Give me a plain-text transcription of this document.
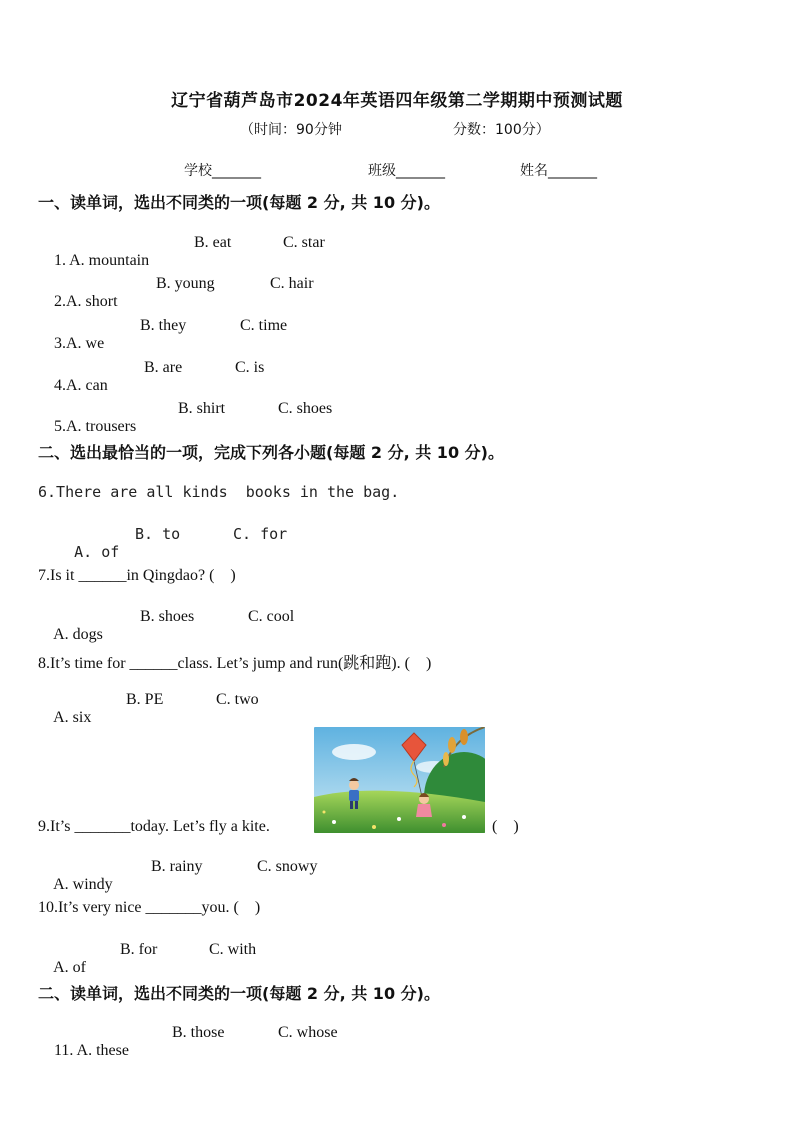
辽宁省葫芦岛市2024年英语四年级第二学期期中预测试题
（时间：90分钟	分数：100分）
学校_______	班级_______	姓名_______
一、读单词，选出不同类的一项(每题 2 分, 共 10 分)。

1. A. mountain

B. eat

	C. star

2.A. short

B. young

	C. hair

3.A. we

B. they

	C. time

4.A. can

B. are

	C. is

5.A. trousers

B. shirt

	C. shoes

二、选出最恰当的一项，完成下列各小题(每题 2 分, 共 10 分)。
6.There are all kinds  books in the bag.

A. of

B. to

	C. for

7.Is it ______in Qingdao? (    )

A. dogs

B. shoes

	C. cool

8.It’s time for ______class. Let’s jump and run(跳和跑). (    )

A. six

B. PE

	C. two

9.It’s _______today. Let’s fly a kite.	(    )

A. windy

B. rainy

	C. snowy

10.It’s very nice _______you. (    )

A. of

B. for

	C. with

二、读单词，选出不同类的一项(每题 2 分, 共 10 分)。

11. A. these

B. those

	C. whose
